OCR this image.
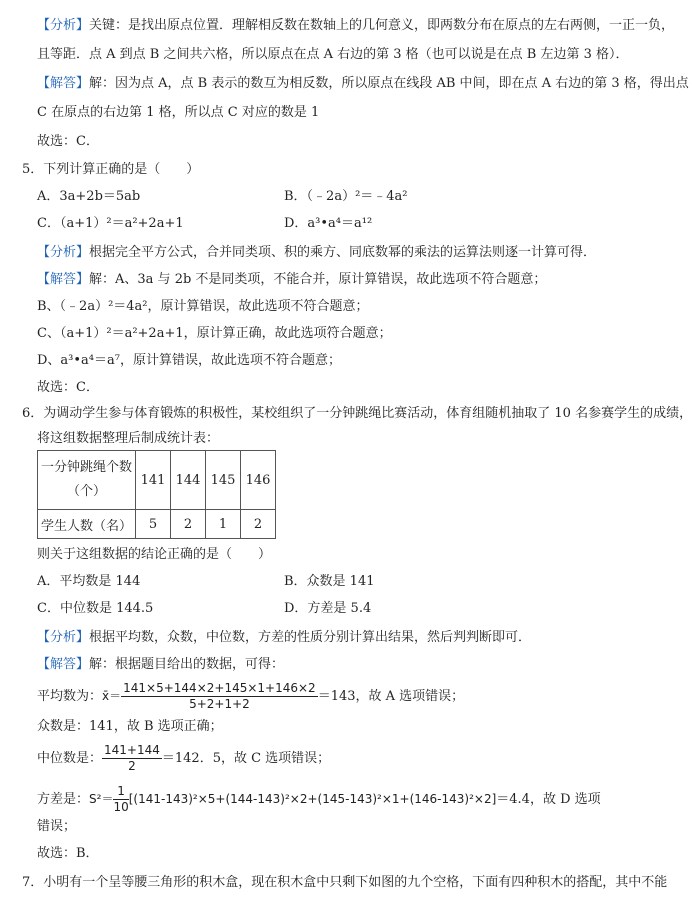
【分析】关键：是找出原点位置．理解相反数在数轴上的几何意义，即两数分布在原点的左右两侧，一正一负，
且等距．点 A 到点 B 之间共六格，所以原点在点 A 右边的第 3 格（也可以说是在点 B 左边第 3 格）．
【解答】解：因为点 A，点 B 表示的数互为相反数，所以原点在线段 AB 中间，即在点 A 右边的第 3 格，得出点
C 在原点的右边第 1 格，所以点 C 对应的数是 1
故选：C．
5．下列计算正确的是（　　）
A．3a+2b＝5ab	B．（﹣2a）²＝﹣4a²
C．（a+1）²＝a²+2a+1	D．a³•a⁴＝a¹²
【分析】根据完全平方公式，合并同类项、积的乘方、同底数幂的乘法的运算法则逐一计算可得．
【解答】解：A、3a 与 2b 不是同类项，不能合并，原计算错误，故此选项不符合题意；
B、（﹣2a）²＝4a²，原计算错误，故此选项不符合题意；
C、（a+1）²＝a²+2a+1，原计算正确，故此选项符合题意；
D、a³•a⁴＝a⁷，原计算错误，故此选项不符合题意；
故选：C．
6．为调动学生参与体育锻炼的积极性，某校组织了一分钟跳绳比赛活动，体育组随机抽取了 10 名参赛学生的成绩，
将这组数据整理后制成统计表：
一分钟跳绳个数
（个）	141	144	145	146
学生人数（名）	5	2	1	2
则关于这组数据的结论正确的是（　　）
A．平均数是 144	B．众数是 141
C．中位数是 144.5	D．方差是 5.4
【分析】根据平均数，众数，中位数，方差的性质分别计算出结果，然后判判断即可．
【解答】解：根据题目给出的数据，可得：
平均数为：x̄＝ $\frac{141\times 5+144\times 2+145\times 1+146\times 2}{5+2+1+2} =143$，故 A 选项错误；
众数是：141，故 B 选项正确；
中位数是： $\frac{141+144}{2} =142$．5，故 C 选项错误；
方差是：$S^2= \frac{1}{10} [(141-143)^2\times 5+(144-143)^2\times 2+(145-143)^2\times 1+(146-143)^2\times 2]=4.4$，故 D 选项
错误；
故选：B．
7．小明有一个呈等腰三角形的积木盒，现在积木盒中只剩下如图的九个空格，下面有四种积木的搭配，其中不能
